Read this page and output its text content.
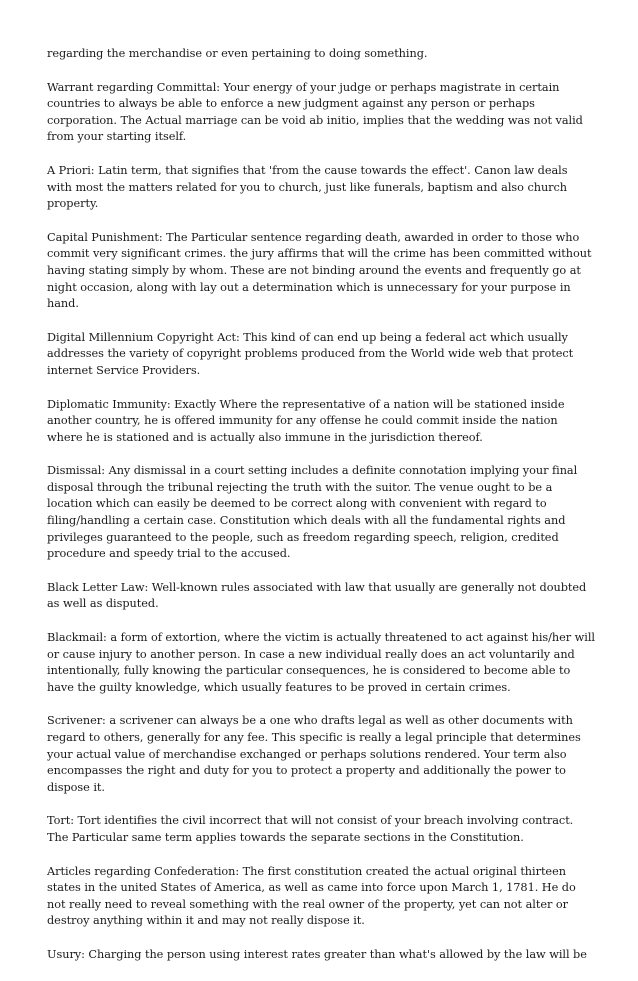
regarding the merchandise or even pertaining to doing something.

Warrant regarding Committal: Your energy of your judge or perhaps magistrate in certain countries to always be able to enforce a new judgment against any person or perhaps corporation. The Actual marriage can be void ab initio, implies that the wedding was not valid from your starting itself.

A Priori: Latin term, that signifies that 'from the cause towards the effect'. Canon law deals with most the matters related for you to church, just like funerals, baptism and also church property.

Capital Punishment: The Particular sentence regarding death, awarded in order to those who commit very significant crimes. the jury affirms that will the crime has been committed without having stating simply by whom. These are not binding around the events and frequently go at night occasion, along with lay out a determination which is unnecessary for your purpose in hand.

Digital Millennium Copyright Act: This kind of can end up being a federal act which usually addresses the variety of copyright problems produced from the World wide web that protect internet Service Providers.

Diplomatic Immunity: Exactly Where the representative of a nation will be stationed inside another country, he is offered immunity for any offense he could commit inside the nation where he is stationed and is actually also immune in the jurisdiction thereof.

Dismissal: Any dismissal in a court setting includes a definite connotation implying your final disposal through the tribunal rejecting the truth with the suitor. The venue ought to be a location which can easily be deemed to be correct along with convenient with regard to filing/handling a certain case. Constitution which deals with all the fundamental rights and privileges guaranteed to the people, such as freedom regarding speech, religion, credited procedure and speedy trial to the accused.

Black Letter Law: Well-known rules associated with law that usually are generally not doubted as well as disputed.

Blackmail: a form of extortion, where the victim is actually threatened to act against his/her will or cause injury to another person. In case a new individual really does an act voluntarily and intentionally, fully knowing the particular consequences, he is considered to become able to have the guilty knowledge, which usually features to be proved in certain crimes.

Scrivener: a scrivener can always be a one who drafts legal as well as other documents with regard to others, generally for any fee. This specific is really a legal principle that determines your actual value of merchandise exchanged or perhaps solutions rendered. Your term also encompasses the right and duty for you to protect a property and additionally the power to dispose it.

Tort: Tort identifies the civil incorrect that will not consist of your breach involving contract. The Particular same term applies towards the separate sections in the Constitution.

Articles regarding Confederation: The first constitution created the actual original thirteen states in the united States of America, as well as came into force upon March 1, 1781. He do not really need to reveal something with the real owner of the property, yet can not alter or destroy anything within it and may not really dispose it.

Usury: Charging the person using interest rates greater than what's allowed by the law will be
